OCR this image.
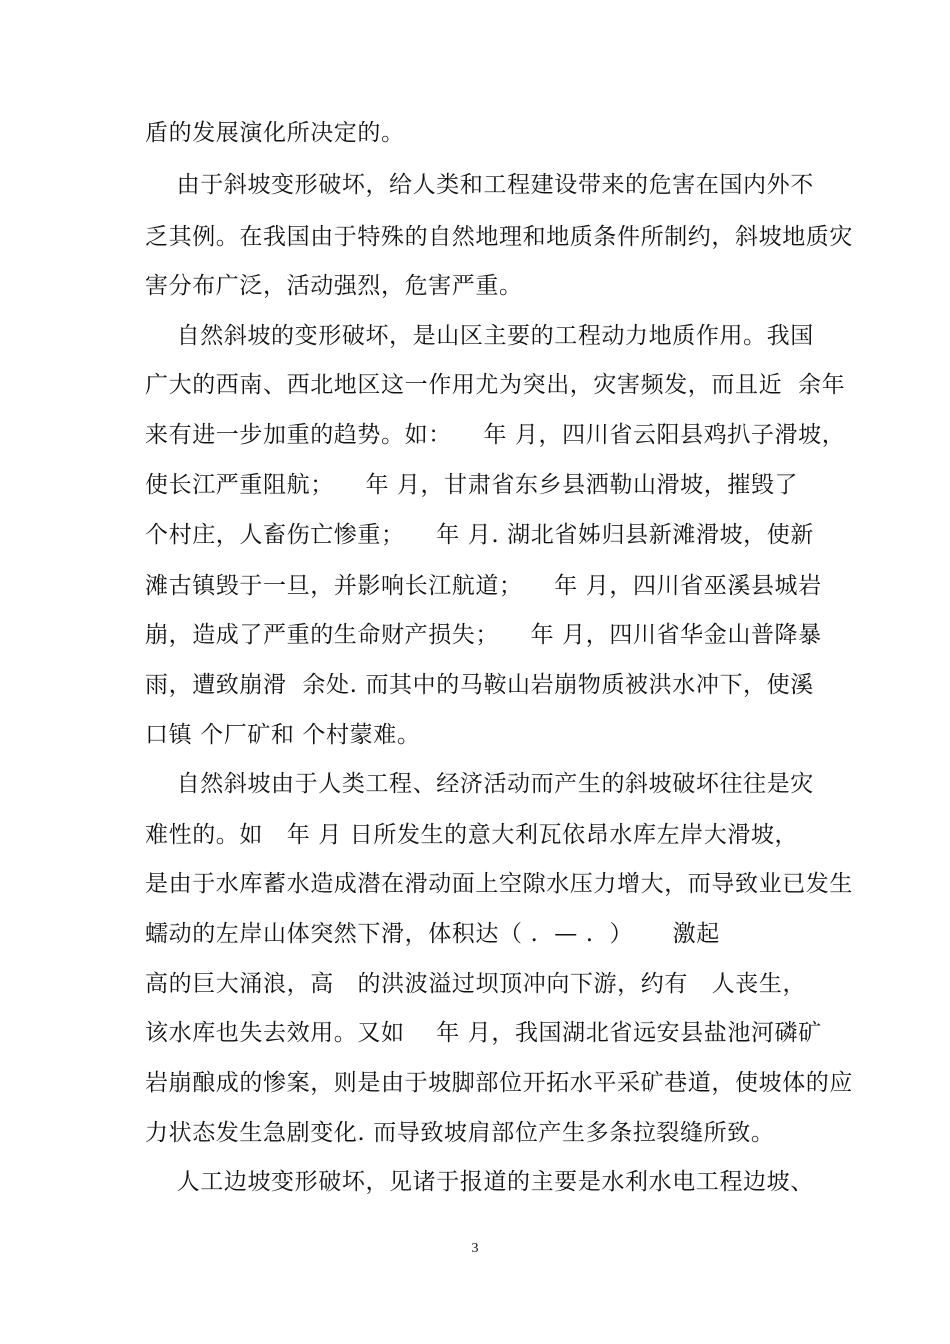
盾的发展演化所决定的。
由于斜坡变形破坏，给人类和工程建设带来的危害在国内外不
乏其例。在我国由于特殊的自然地理和地质条件所制约，斜坡地质灾
害分布广泛，活动强烈，危害严重。
自然斜坡的变形破坏，是山区主要的工程动力地质作用。我国
广大的西南、西北地区这一作用尤为突出，灾害频发，而且近  余年
来有进一步加重的趋势。如：    年 月，四川省云阳县鸡扒子滑坡，
使长江严重阻航；    年 月，甘肃省东乡县洒勒山滑坡，摧毁了
个村庄，人畜伤亡惨重；    年 月. 湖北省姊归县新滩滑坡，使新
滩古镇毁于一旦，并影响长江航道；    年 月，四川省巫溪县城岩
崩，造成了严重的生命财产损失；    年 月，四川省华金山普降暴
雨，遭致崩滑  余处. 而其中的马鞍山岩崩物质被洪水冲下，使溪
口镇 个厂矿和 个村蒙难。
自然斜坡由于人类工程、经济活动而产生的斜坡破坏往往是灾
难性的。如   年 月 日所发生的意大利瓦依昂水库左岸大滑坡，
是由于水库蓄水造成潜在滑动面上空隙水压力增大，而导致业已发生
蠕动的左岸山体突然下滑，体积达（ .  — .  ）     激起
高的巨大涌浪，高   的洪波溢过坝顶冲向下游，约有   人丧生，
该水库也失去效用。又如    年 月，我国湖北省远安县盐池河磷矿
岩崩酿成的惨案，则是由于坡脚部位开拓水平采矿巷道，使坡体的应
力状态发生急剧变化. 而导致坡肩部位产生多条拉裂缝所致。
人工边坡变形破坏，见诸于报道的主要是水利水电工程边坡、
3
